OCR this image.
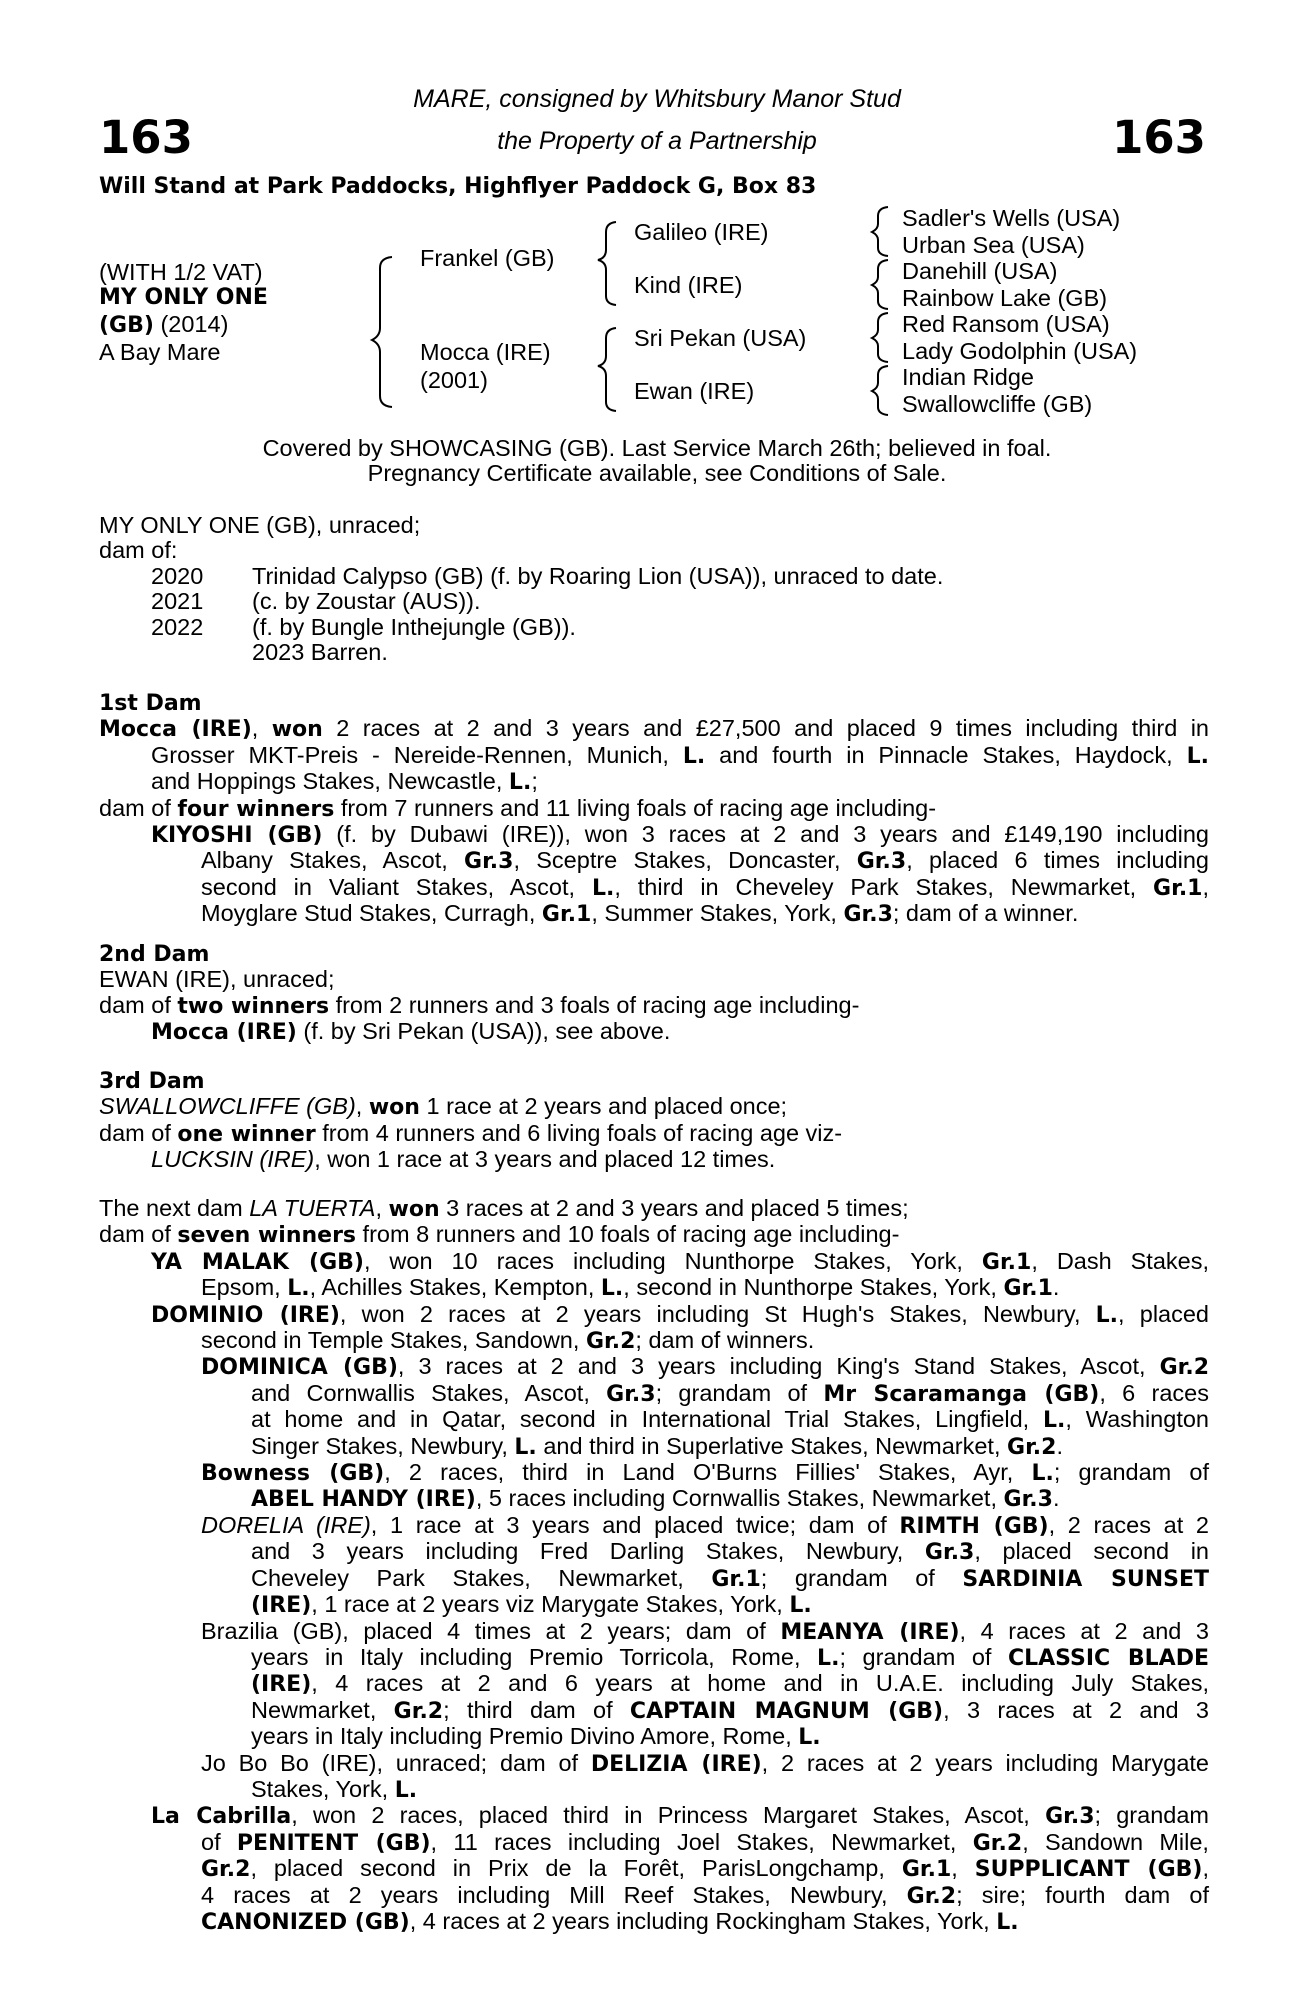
163	163
MARE, consigned by Whitsbury Manor Stud
the Property of a Partnership
Will Stand at Park Paddocks, Highflyer Paddock G, Box 83
(WITH 1/2 VAT)
MY ONLY ONE
(GB) (2014)
A Bay Mare
Frankel (GB)
Mocca (IRE)
(2001)
Galileo (IRE)
Kind (IRE)
Sri Pekan (USA)
Ewan (IRE)
Sadler's Wells (USA)
Urban Sea (USA)
Danehill (USA)
Rainbow Lake (GB)
Red Ransom (USA)
Lady Godolphin (USA)
Indian Ridge
Swallowcliffe (GB)
Covered by SHOWCASING (GB). Last Service March 26th; believed in foal.
Pregnancy Certificate available, see Conditions of Sale.
MY ONLY ONE (GB), unraced;
dam of:
2020 Trinidad Calypso (GB) (f. by Roaring Lion (USA)), unraced to date.
2021 (c. by Zoustar (AUS)).
2022 (f. by Bungle Inthejungle (GB)).
2023 Barren.
1st Dam
Mocca (IRE), won 2 races at 2 and 3 years and £27,500 and placed 9 times including third in
Grosser MKT-Preis - Nereide-Rennen, Munich, L. and fourth in Pinnacle Stakes, Haydock, L.
and Hoppings Stakes, Newcastle, L.;
dam of four winners from 7 runners and 11 living foals of racing age including-
KIYOSHI (GB) (f. by Dubawi (IRE)), won 3 races at 2 and 3 years and £149,190 including
Albany Stakes, Ascot, Gr.3, Sceptre Stakes, Doncaster, Gr.3, placed 6 times including
second in Valiant Stakes, Ascot, L., third in Cheveley Park Stakes, Newmarket, Gr.1,
Moyglare Stud Stakes, Curragh, Gr.1, Summer Stakes, York, Gr.3; dam of a winner.
2nd Dam
EWAN (IRE), unraced;
dam of two winners from 2 runners and 3 foals of racing age including-
Mocca (IRE) (f. by Sri Pekan (USA)), see above.
3rd Dam
SWALLOWCLIFFE (GB), won 1 race at 2 years and placed once;
dam of one winner from 4 runners and 6 living foals of racing age viz-
LUCKSIN (IRE), won 1 race at 3 years and placed 12 times.
The next dam LA TUERTA, won 3 races at 2 and 3 years and placed 5 times;
dam of seven winners from 8 runners and 10 foals of racing age including-
YA MALAK (GB), won 10 races including Nunthorpe Stakes, York, Gr.1, Dash Stakes,
Epsom, L., Achilles Stakes, Kempton, L., second in Nunthorpe Stakes, York, Gr.1.
DOMINIO (IRE), won 2 races at 2 years including St Hugh's Stakes, Newbury, L., placed
second in Temple Stakes, Sandown, Gr.2; dam of winners.
DOMINICA (GB), 3 races at 2 and 3 years including King's Stand Stakes, Ascot, Gr.2
and Cornwallis Stakes, Ascot, Gr.3; grandam of Mr Scaramanga (GB), 6 races
at home and in Qatar, second in International Trial Stakes, Lingfield, L., Washington
Singer Stakes, Newbury, L. and third in Superlative Stakes, Newmarket, Gr.2.
Bowness (GB), 2 races, third in Land O'Burns Fillies' Stakes, Ayr, L.; grandam of
ABEL HANDY (IRE), 5 races including Cornwallis Stakes, Newmarket, Gr.3.
DORELIA (IRE), 1 race at 3 years and placed twice; dam of RIMTH (GB), 2 races at 2
and 3 years including Fred Darling Stakes, Newbury, Gr.3, placed second in
Cheveley Park Stakes, Newmarket, Gr.1; grandam of SARDINIA SUNSET
(IRE), 1 race at 2 years viz Marygate Stakes, York, L.
Brazilia (GB), placed 4 times at 2 years; dam of MEANYA (IRE), 4 races at 2 and 3
years in Italy including Premio Torricola, Rome, L.; grandam of CLASSIC BLADE
(IRE), 4 races at 2 and 6 years at home and in U.A.E. including July Stakes,
Newmarket, Gr.2; third dam of CAPTAIN MAGNUM (GB), 3 races at 2 and 3
years in Italy including Premio Divino Amore, Rome, L.
Jo Bo Bo (IRE), unraced; dam of DELIZIA (IRE), 2 races at 2 years including Marygate
Stakes, York, L.
La Cabrilla, won 2 races, placed third in Princess Margaret Stakes, Ascot, Gr.3; grandam
of PENITENT (GB), 11 races including Joel Stakes, Newmarket, Gr.2, Sandown Mile,
Gr.2, placed second in Prix de la Forêt, ParisLongchamp, Gr.1, SUPPLICANT (GB),
4 races at 2 years including Mill Reef Stakes, Newbury, Gr.2; sire; fourth dam of
CANONIZED (GB), 4 races at 2 years including Rockingham Stakes, York, L.
